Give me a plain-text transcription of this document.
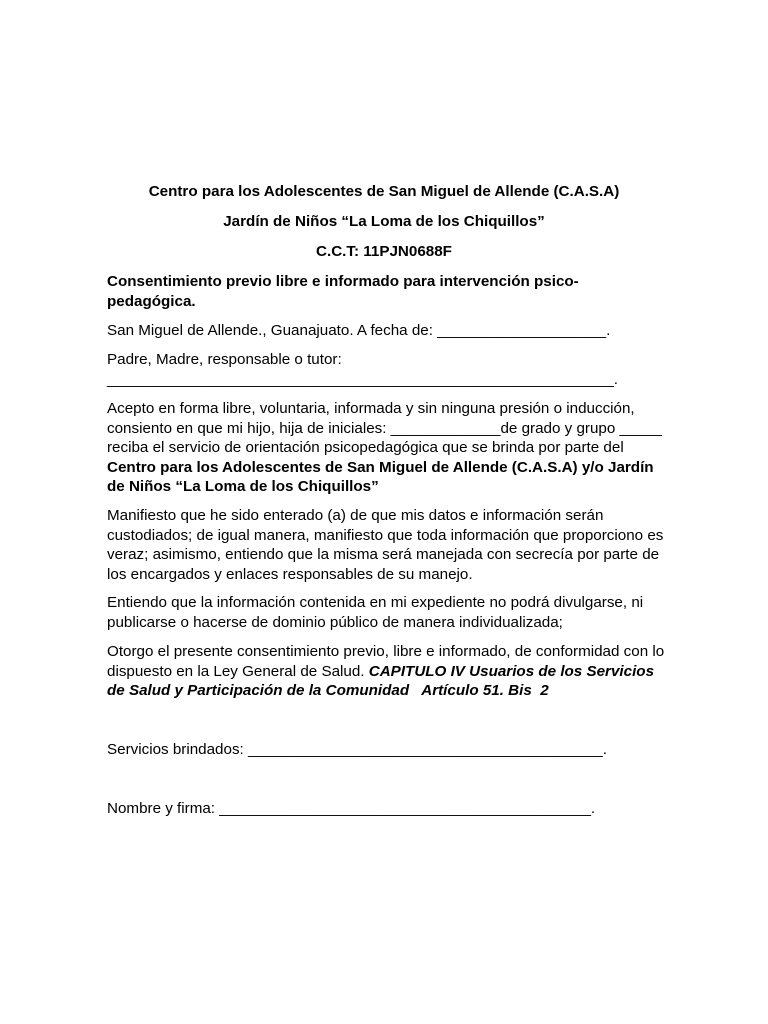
Centro para los Adolescentes de San Miguel de Allende (C.A.S.A)
Jardín de Niños “La Loma de los Chiquillos”
C.C.T: 11PJN0688F
Consentimiento previo libre e informado para intervención psico-
pedagógica.
San Miguel de Allende., Guanajuato. A fecha de: ____________________.
Padre, Madre, responsable o tutor:
____________________________________________________________.
Acepto en forma libre, voluntaria, informada y sin ninguna presión o inducción,
consiento en que mi hijo, hija de iniciales: _____________de grado y grupo _____
reciba el servicio de orientación psicopedagógica que se brinda por parte del
Centro para los Adolescentes de San Miguel de Allende (C.A.S.A) y/o Jardín
de Niños “La Loma de los Chiquillos”
Manifiesto que he sido enterado (a) de que mis datos e información serán
custodiados; de igual manera, manifiesto que toda información que proporciono es
veraz; asimismo, entiendo que la misma será manejada con secrecía por parte de
los encargados y enlaces responsables de su manejo.
Entiendo que la información contenida en mi expediente no podrá divulgarse, ni
publicarse o hacerse de dominio público de manera individualizada;
Otorgo el presente consentimiento previo, libre e informado, de conformidad con lo
dispuesto en la Ley General de Salud. CAPITULO IV Usuarios de los Servicios
de Salud y Participación de la Comunidad   Artículo 51. Bis  2
Servicios brindados: __________________________________________.
Nombre y firma: ____________________________________________.
